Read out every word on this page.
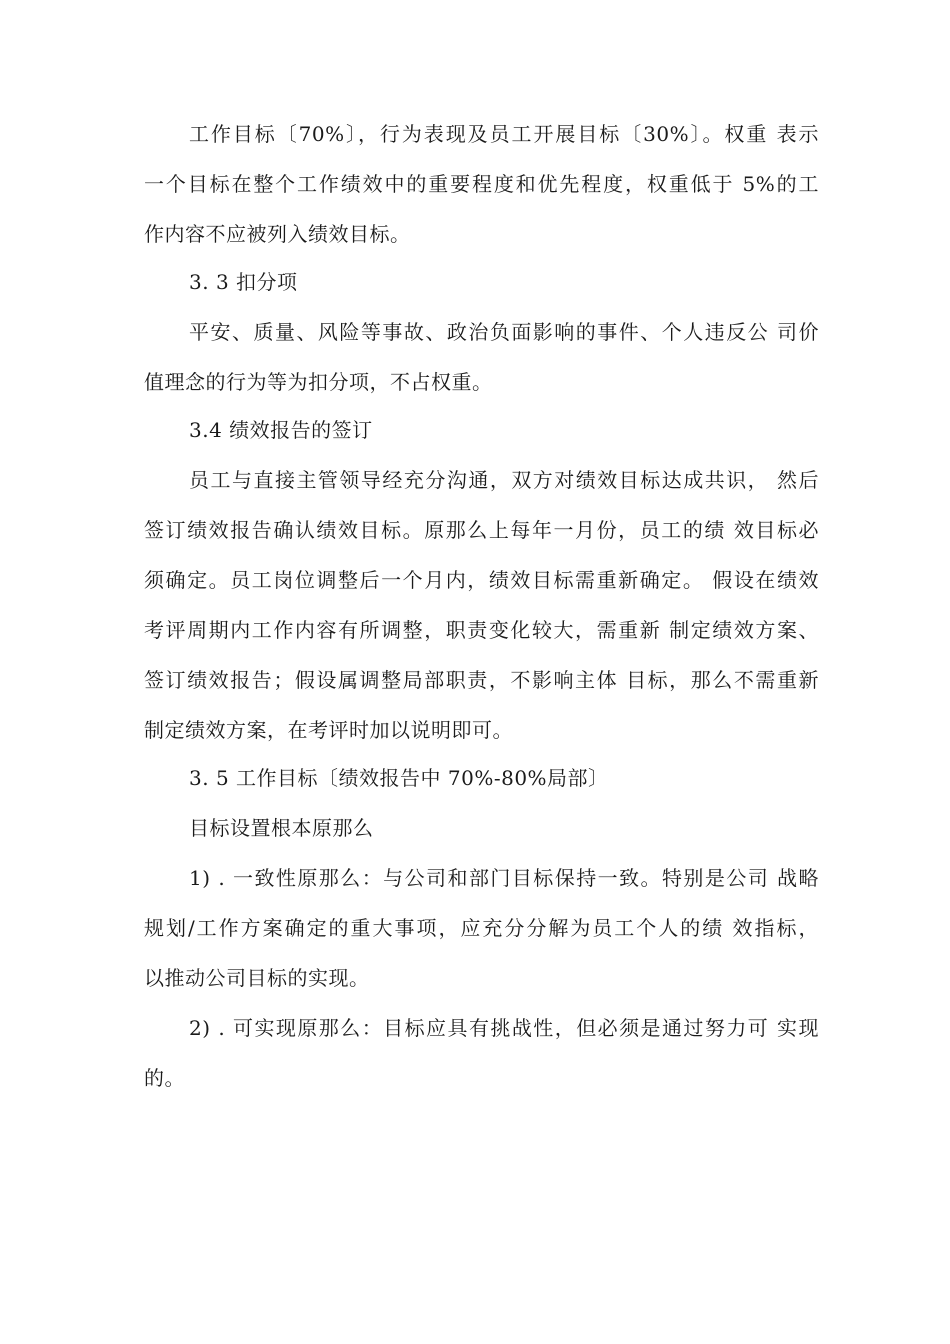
工作目标〔70%〕，行为表现及员工开展目标〔30%〕。权重 表示
一个目标在整个工作绩效中的重要程度和优先程度，权重低于 5%的工
作内容不应被列入绩效目标。
3. 3 扣分项
平安、质量、风险等事故、政治负面影响的事件、个人违反公 司价
值理念的行为等为扣分项，不占权重。
3.4 绩效报告的签订
员工与直接主管领导经充分沟通，双方对绩效目标达成共识， 然后
签订绩效报告确认绩效目标。原那么上每年一月份，员工的绩 效目标必
须确定。员工岗位调整后一个月内，绩效目标需重新确定。 假设在绩效
考评周期内工作内容有所调整，职责变化较大，需重新 制定绩效方案、
签订绩效报告；假设属调整局部职责，不影响主体 目标，那么不需重新
制定绩效方案，在考评时加以说明即可。
3. 5 工作目标〔绩效报告中 70%-80%局部〕
目标设置根本原那么
1) . 一致性原那么：与公司和部门目标保持一致。特别是公司 战略
规划/工作方案确定的重大事项，应充分分解为员工个人的绩 效指标，
以推动公司目标的实现。
2) . 可实现原那么：目标应具有挑战性，但必须是通过努力可 实现
的。
